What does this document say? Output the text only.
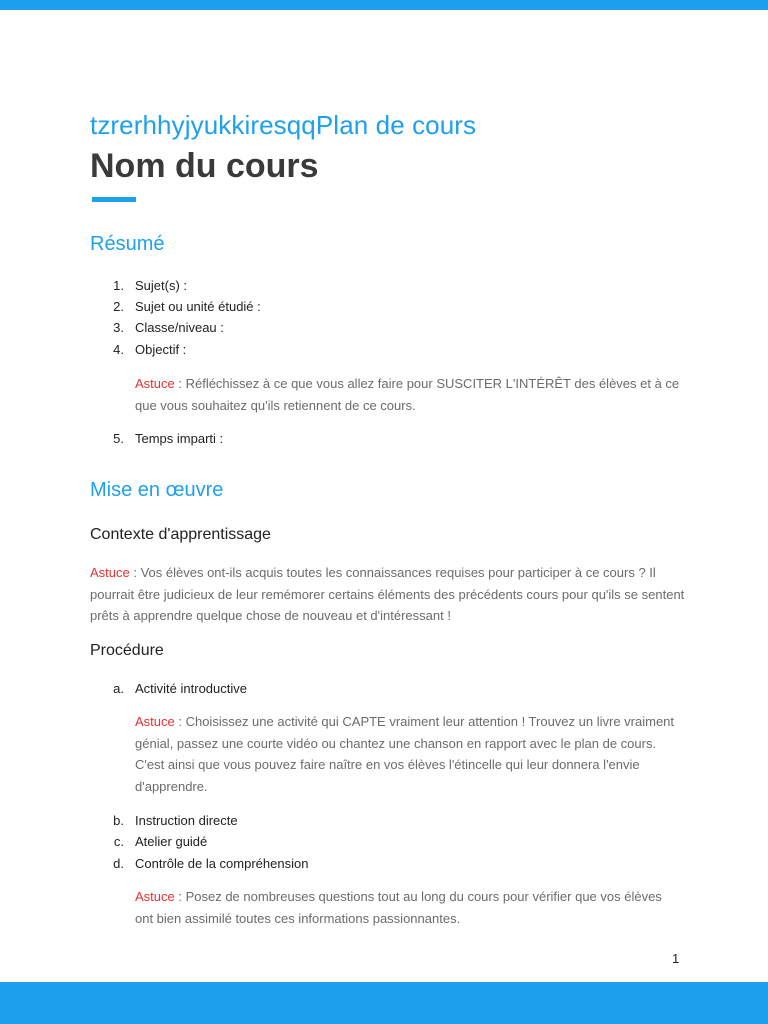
tzrerhhyjyukkiresqqPlan de cours
Nom du cours
Résumé
1. Sujet(s) :
2. Sujet ou unité étudié :
3. Classe/niveau :
4. Objectif :
Astuce : Réfléchissez à ce que vous allez faire pour SUSCITER L'INTÉRÊT des élèves et à ce que vous souhaitez qu'ils retiennent de ce cours.
5. Temps imparti :
Mise en œuvre
Contexte d'apprentissage
Astuce : Vos élèves ont-ils acquis toutes les connaissances requises pour participer à ce cours ? Il pourrait être judicieux de leur remémorer certains éléments des précédents cours pour qu'ils se sentent prêts à apprendre quelque chose de nouveau et d'intéressant !
Procédure
a. Activité introductive
Astuce : Choisissez une activité qui CAPTE vraiment leur attention ! Trouvez un livre vraiment génial, passez une courte vidéo ou chantez une chanson en rapport avec le plan de cours. C'est ainsi que vous pouvez faire naître en vos élèves l'étincelle qui leur donnera l'envie d'apprendre.
b. Instruction directe
c. Atelier guidé
d. Contrôle de la compréhension
Astuce : Posez de nombreuses questions tout au long du cours pour vérifier que vos élèves ont bien assimilé toutes ces informations passionnantes.
1
